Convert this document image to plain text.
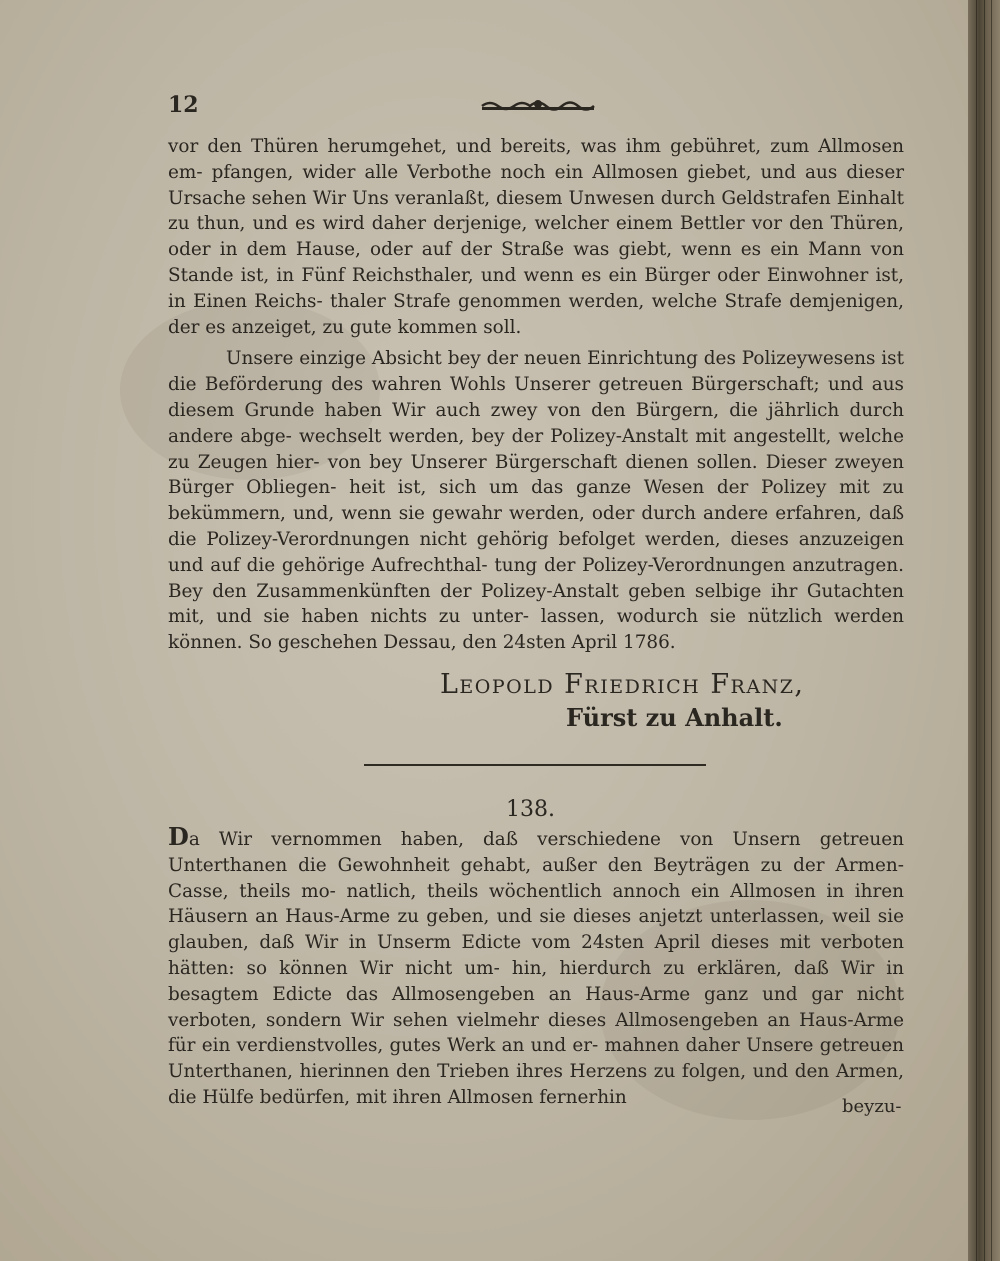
12

vor den Thüren herumgehet, und bereits, was ihm gebühret, zum Allmosen em- pfangen, wider alle Verbothe noch ein Allmosen giebet, und aus dieser Ursache sehen Wir Uns veranlaßt, diesem Unwesen durch Geldstrafen Einhalt zu thun, und es wird daher derjenige, welcher einem Bettler vor den Thüren, oder in dem Hause, oder auf der Straße was giebt, wenn es ein Mann von Stande ist, in Fünf Reichsthaler, und wenn es ein Bürger oder Einwohner ist, in Einen Reichs- thaler Strafe genommen werden, welche Strafe demjenigen, der es anzeiget, zu gute kommen soll.

Unsere einzige Absicht bey der neuen Einrichtung des Polizeywesens ist die Beförderung des wahren Wohls Unserer getreuen Bürgerschaft; und aus diesem Grunde haben Wir auch zwey von den Bürgern, die jährlich durch andere abge- wechselt werden, bey der Polizey-Anstalt mit angestellt, welche zu Zeugen hier- von bey Unserer Bürgerschaft dienen sollen. Dieser zweyen Bürger Obliegen- heit ist, sich um das ganze Wesen der Polizey mit zu bekümmern, und, wenn sie gewahr werden, oder durch andere erfahren, daß die Polizey-Verordnungen nicht gehörig befolget werden, dieses anzuzeigen und auf die gehörige Aufrechthal- tung der Polizey-Verordnungen anzutragen. Bey den Zusammenkünften der Polizey-Anstalt geben selbige ihr Gutachten mit, und sie haben nichts zu unter- lassen, wodurch sie nützlich werden können. So geschehen Dessau, den 24sten April 1786.

Leopold Friedrich Franz,
Fürst zu Anhalt.
138.

Da Wir vernommen haben, daß verschiedene von Unsern getreuen Unterthanen die Gewohnheit gehabt, außer den Beyträgen zu der Armen-Casse, theils mo- natlich, theils wöchentlich annoch ein Allmosen in ihren Häusern an Haus-Arme zu geben, und sie dieses anjetzt unterlassen, weil sie glauben, daß Wir in Unserm Edicte vom 24sten April dieses mit verboten hätten: so können Wir nicht um- hin, hierdurch zu erklären, daß Wir in besagtem Edicte das Allmosengeben an Haus-Arme ganz und gar nicht verboten, sondern Wir sehen vielmehr dieses Allmosengeben an Haus-Arme für ein verdienstvolles, gutes Werk an und er- mahnen daher Unsere getreuen Unterthanen, hierinnen den Trieben ihres Herzens zu folgen, und den Armen, die Hülfe bedürfen, mit ihren Allmosen fernerhin	beyzu-
